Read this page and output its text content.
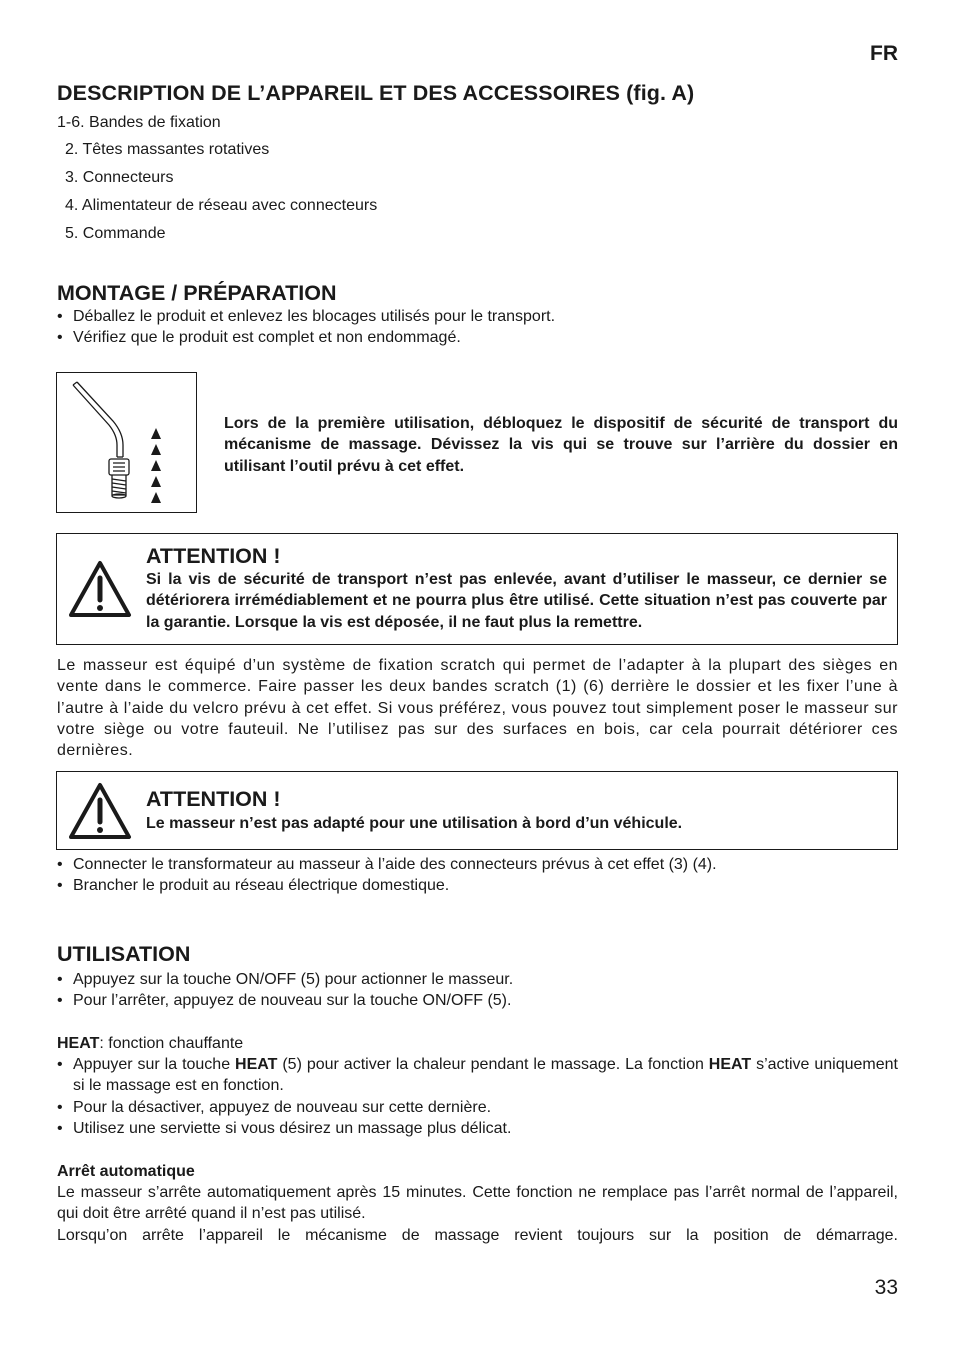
FR
DESCRIPTION DE L’APPAREIL ET DES ACCESSOIRES (fig. A)
1-6. Bandes de fixation
2. Têtes massantes rotatives
3. Connecteurs
4. Alimentateur de réseau avec connecteurs
5. Commande
MONTAGE / PRÉPARATION
• Déballez le produit et enlevez les blocages utilisés pour le transport.
• Vérifiez que le produit est complet et non endommagé.
Lors de la première utilisation, débloquez le dispositif de sécurité de transport du mécanisme de massage. Dévissez la vis qui se trouve sur l’arrière du dossier en utilisant l’outil prévu à cet effet.
ATTENTION !
Si la vis de sécurité de transport n’est pas enlevée, avant d’utiliser le masseur, ce dernier se détériorera irrémédiablement et ne pourra plus être utilisé. Cette situation n’est pas couverte par la garantie. Lorsque la vis est déposée, il ne faut plus la remettre.
Le masseur est équipé d’un système de fixation scratch qui permet de l’adapter à la plupart des sièges en vente dans le commerce. Faire passer les deux bandes scratch (1) (6) derrière le dossier et les fixer l’une à l’autre à l’aide du velcro prévu à cet effet. Si vous préférez, vous pouvez tout simplement poser le masseur sur votre siège ou votre fauteuil. Ne l’utilisez pas sur des surfaces en bois, car cela pourrait détériorer ces dernières.
ATTENTION !
Le masseur n’est pas adapté pour une utilisation à bord d’un véhicule.
• Connecter le transformateur au masseur à l’aide des connecteurs prévus à cet effet (3) (4).
• Brancher le produit au réseau électrique domestique.
UTILISATION
• Appuyez sur la touche ON/OFF (5) pour actionner le masseur.
• Pour l’arrêter, appuyez de nouveau sur la touche ON/OFF (5).
HEAT: fonction chauffante
• Appuyer sur la touche HEAT (5) pour activer la chaleur pendant le massage. La fonction HEAT s’active uniquement si le massage est en fonction.
• Pour la désactiver, appuyez de nouveau sur cette dernière.
• Utilisez une serviette si vous désirez un massage plus délicat.
Arrêt automatique
Le masseur s’arrête automatiquement après 15 minutes. Cette fonction ne remplace pas l’arrêt normal de l’appareil, qui doit être arrêté quand il n’est pas utilisé.
Lorsqu’on arrête l’appareil le mécanisme de massage revient toujours sur la position de démarrage.
33
